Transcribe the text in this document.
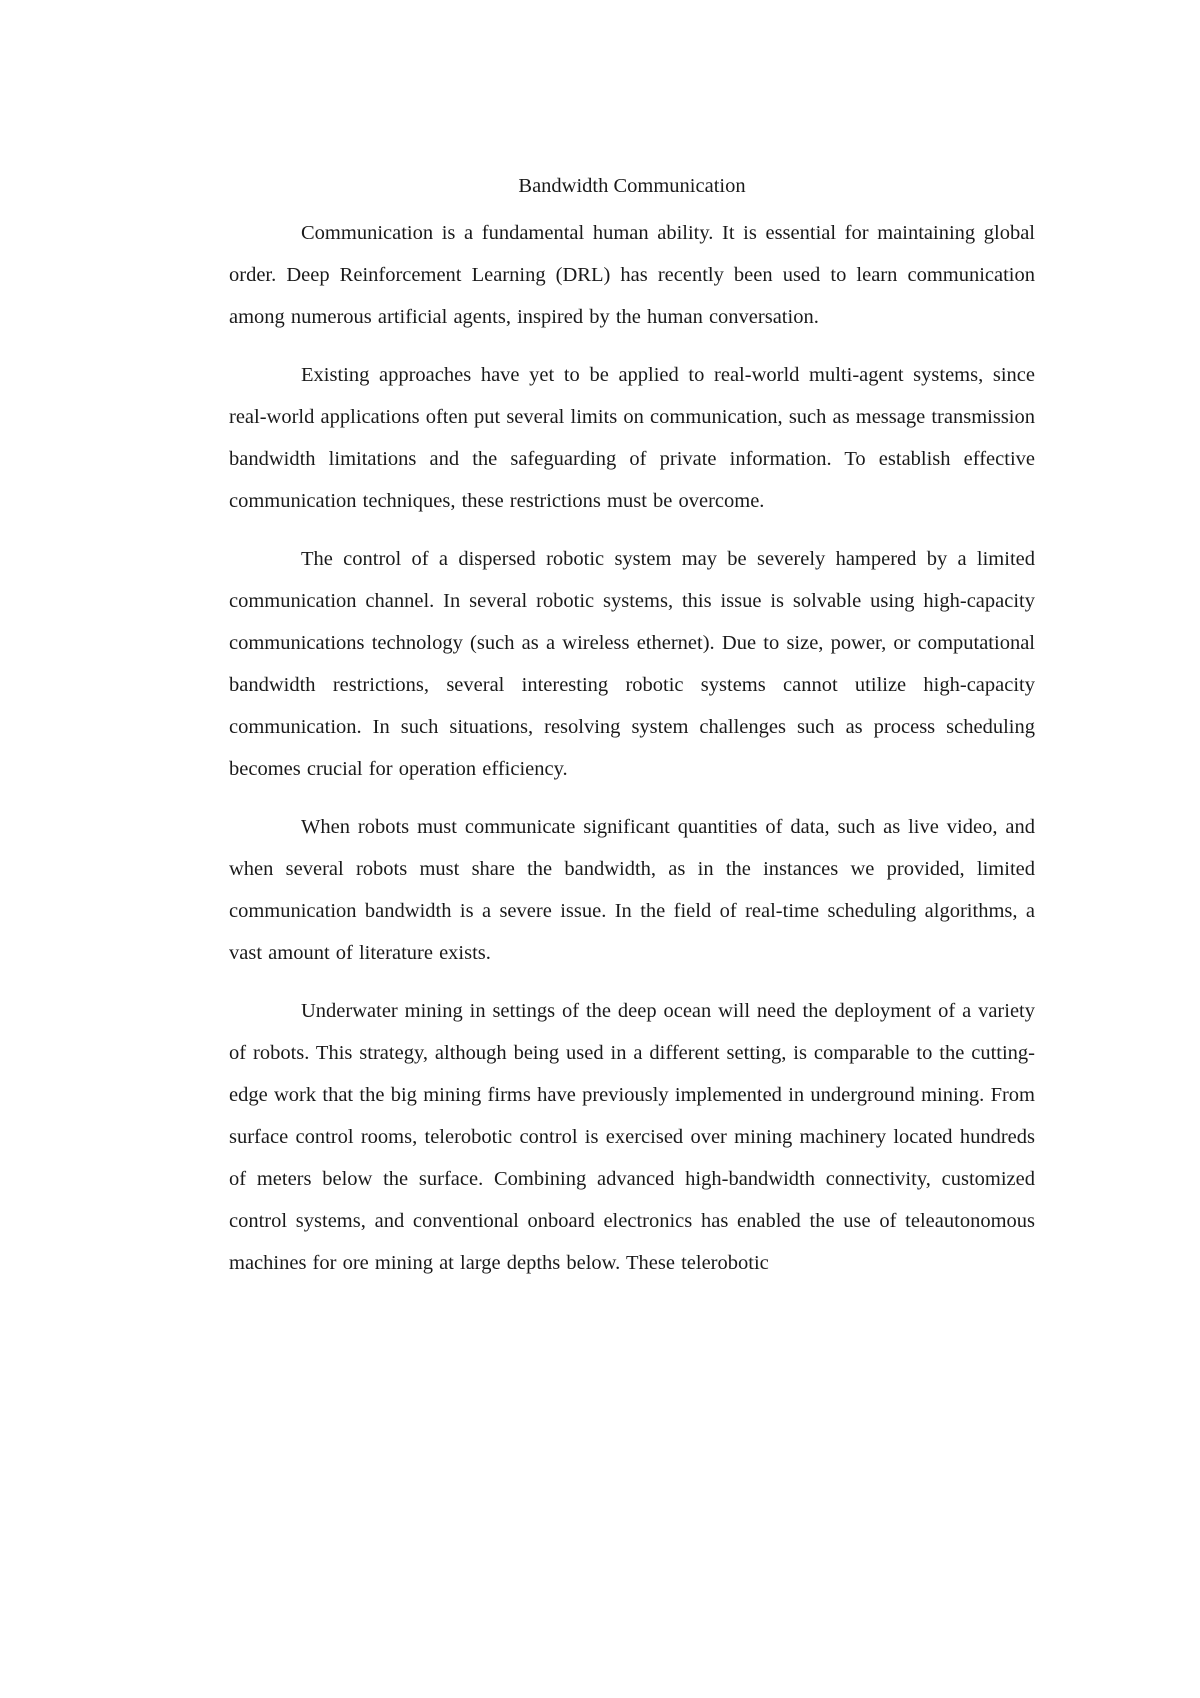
Bandwidth Communication

Communication is a fundamental human ability. It is essential for maintaining global order. Deep Reinforcement Learning (DRL) has recently been used to learn communication among numerous artificial agents, inspired by the human conversation.

Existing approaches have yet to be applied to real-world multi-agent systems, since real-world applications often put several limits on communication, such as message transmission bandwidth limitations and the safeguarding of private information. To establish effective communication techniques, these restrictions must be overcome.

The control of a dispersed robotic system may be severely hampered by a limited communication channel. In several robotic systems, this issue is solvable using high-capacity communications technology (such as a wireless ethernet). Due to size, power, or computational bandwidth restrictions, several interesting robotic systems cannot utilize high-capacity communication. In such situations, resolving system challenges such as process scheduling becomes crucial for operation efficiency.

When robots must communicate significant quantities of data, such as live video, and when several robots must share the bandwidth, as in the instances we provided, limited communication bandwidth is a severe issue. In the field of real-time scheduling algorithms, a vast amount of literature exists.

Underwater mining in settings of the deep ocean will need the deployment of a variety of robots. This strategy, although being used in a different setting, is comparable to the cutting-edge work that the big mining firms have previously implemented in underground mining. From surface control rooms, telerobotic control is exercised over mining machinery located hundreds of meters below the surface. Combining advanced high-bandwidth connectivity, customized control systems, and conventional onboard electronics has enabled the use of teleautonomous machines for ore mining at large depths below. These telerobotic
